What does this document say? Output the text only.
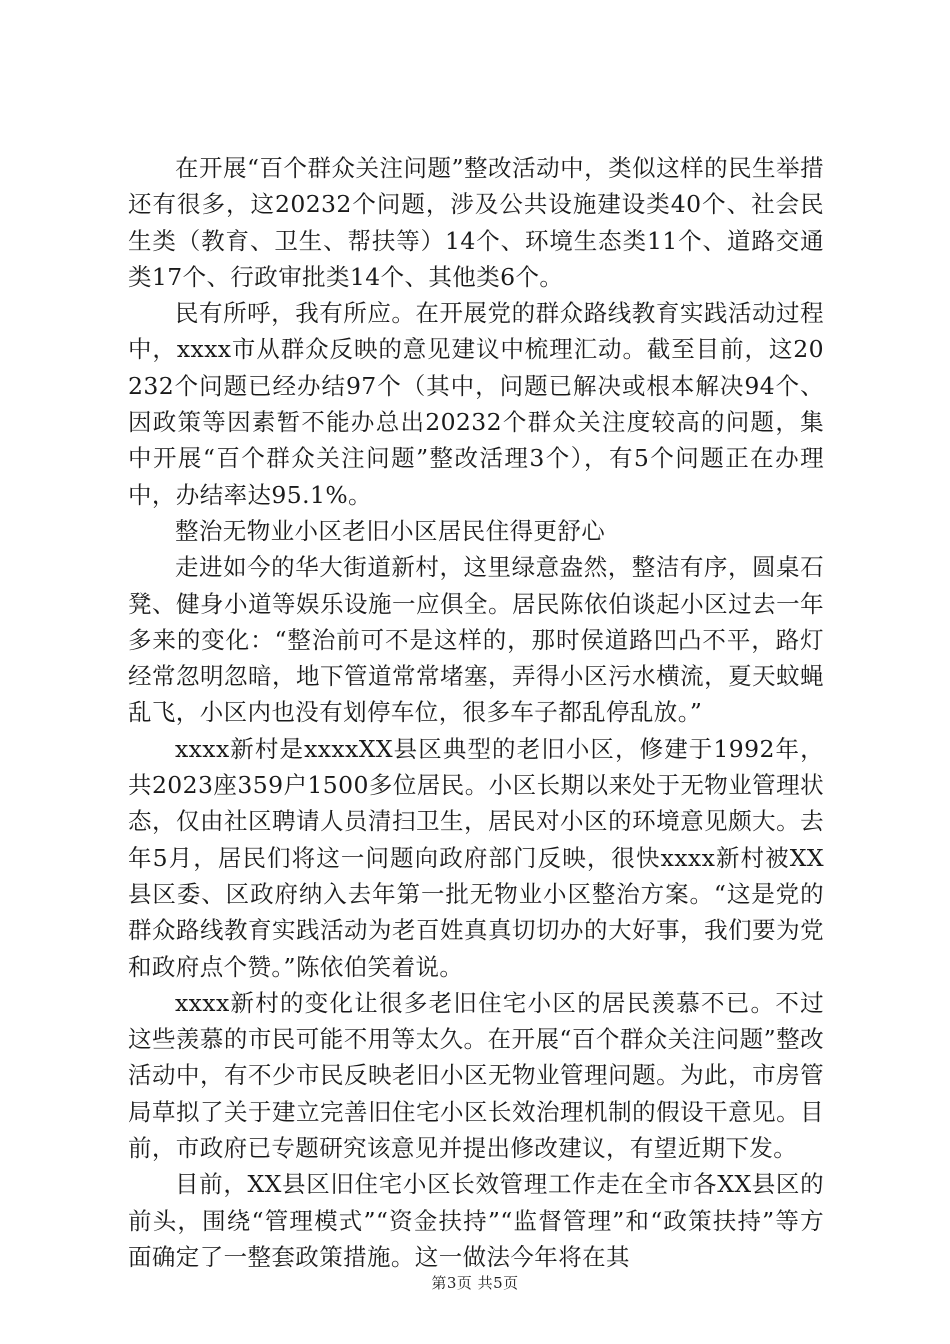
在开展“百个群众关注问题”整改活动中，类似这样的民生举措还有很多，这20232个问题，涉及公共设施建设类40个、社会民生类（教育、卫生、帮扶等）14个、环境生态类11个、道路交通类17个、行政审批类14个、其他类6个。

民有所呼，我有所应。在开展党的群众路线教育实践活动过程中，xxxx市从群众反映的意见建议中梳理汇动。截至目前，这20232个问题已经办结97个（其中，问题已解决或根本解决94个、因政策等因素暂不能办总出20232个群众关注度较高的问题，集中开展“百个群众关注问题”整改活理3个），有5个问题正在办理中，办结率达95.1%。

整治无物业小区老旧小区居民住得更舒心

走进如今的华大街道新村，这里绿意盎然，整洁有序，圆桌石凳、健身小道等娱乐设施一应俱全。居民陈依伯谈起小区过去一年多来的变化：“整治前可不是这样的，那时侯道路凹凸不平，路灯经常忽明忽暗，地下管道常常堵塞，弄得小区污水横流，夏天蚊蝇乱飞，小区内也没有划停车位，很多车子都乱停乱放。”

xxxx新村是xxxxXX县区典型的老旧小区，修建于1992年，共2023座359户1500多位居民。小区长期以来处于无物业管理状态，仅由社区聘请人员清扫卫生，居民对小区的环境意见颇大。去年5月，居民们将这一问题向政府部门反映，很快xxxx新村被XX县区委、区政府纳入去年第一批无物业小区整治方案。“这是党的群众路线教育实践活动为老百姓真真切切办的大好事，我们要为党和政府点个赞。”陈依伯笑着说。

xxxx新村的变化让很多老旧住宅小区的居民羡慕不已。不过这些羡慕的市民可能不用等太久。在开展“百个群众关注问题”整改活动中，有不少市民反映老旧小区无物业管理问题。为此，市房管局草拟了关于建立完善旧住宅小区长效治理机制的假设干意见。目前，市政府已专题研究该意见并提出修改建议，有望近期下发。

目前，XX县区旧住宅小区长效管理工作走在全市各XX县区的前头，围绕“管理模式”“资金扶持”“监督管理”和“政策扶持”等方面确定了一整套政策措施。这一做法今年将在其

第3页 共5页
